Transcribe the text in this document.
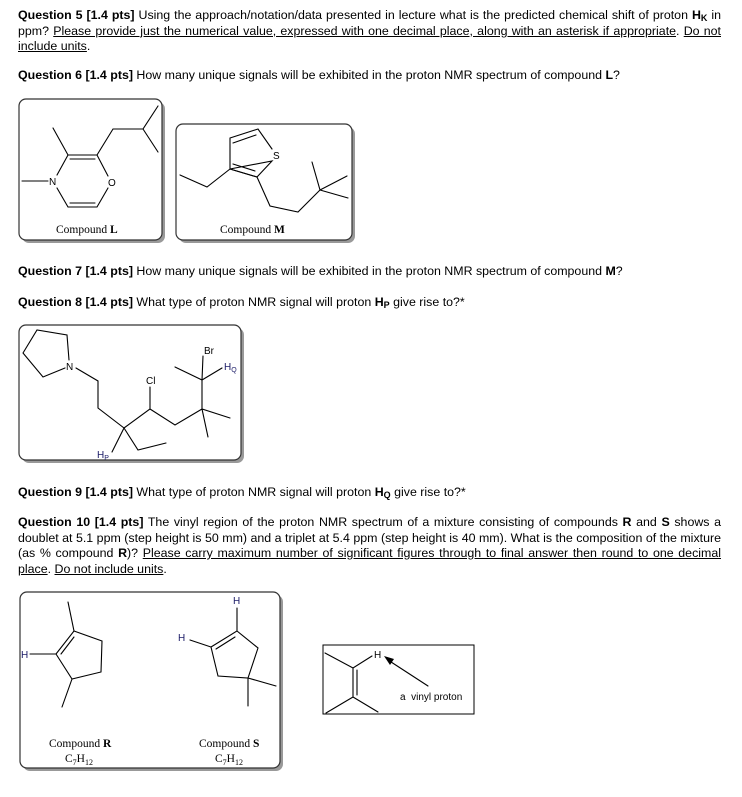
Question 5 [1.4 pts] Using the approach/notation/data presented in lecture what is the predicted chemical shift of proton $H_K$ in ppm? Please provide just the numerical value, expressed with one decimal place, along with an asterisk if appropriate. Do not include units.
Question 6 [1.4 pts] How many unique signals will be exhibited in the proton NMR spectrum of compound L?
Question 7 [1.4 pts] How many unique signals will be exhibited in the proton NMR spectrum of compound M?
Question 8 [1.4 pts] What type of proton NMR signal will proton $H_P$ give rise to?*
Question 9 [1.4 pts] What type of proton NMR signal will proton $H_Q$ give rise to?*
Question 10 [1.4 pts] The vinyl region of the proton NMR spectrum of a mixture consisting of compounds R and S shows a doublet at 5.1 ppm (step height is 50 mm) and a triplet at 5.4 ppm (step height is 40 mm). What is the composition of the mixture (as % compound R)? Please carry maximum number of significant figures through to final answer then round to one decimal place. Do not include units.
N	O
Compound L
S
Compound M
N
Cl
Br
$H_Q$
$H_P$
H
Compound R
$C_7H_{12}$
H
H
Compound S
$C_7H_{12}$
H
a  vinyl proton
